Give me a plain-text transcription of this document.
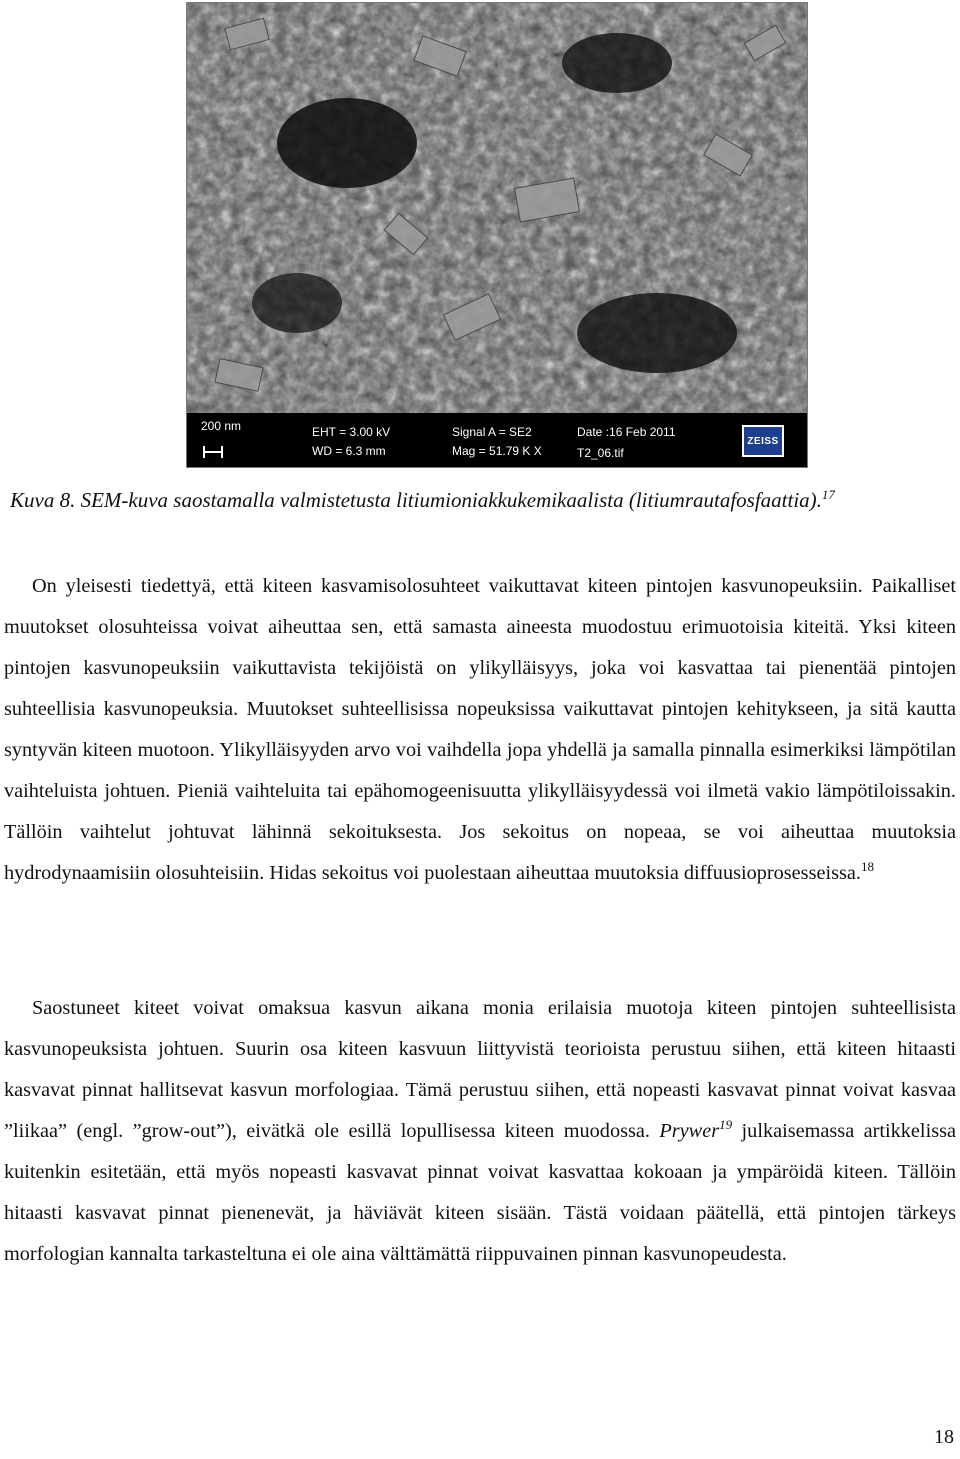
200 nm	EHT = 3.00 kV
WD = 6.3 mm
Signal A = SE2
Mag = 51.79 K X
Date :16 Feb 2011
T2_06.tif
ZEISS
Kuva 8. SEM-kuva saostamalla valmistetusta litiumioniakkukemikaalista (litiumrautafosfaattia).$^{17}$

On yleisesti tiedettyä, että kiteen kasvamisolosuhteet vaikuttavat kiteen pintojen kasvunopeuksiin. Paikalliset muutokset olosuhteissa voivat aiheuttaa sen, että samasta aineesta muodostuu erimuotoisia kiteitä. Yksi kiteen pintojen kasvunopeuksiin vaikuttavista tekijöistä on ylikylläisyys, joka voi kasvattaa tai pienentää pintojen suhteellisia kasvunopeuksia. Muutokset suhteellisissa nopeuksissa vaikuttavat pintojen kehitykseen, ja sitä kautta syntyvän kiteen muotoon. Ylikylläisyyden arvo voi vaihdella jopa yhdellä ja samalla pinnalla esimerkiksi lämpötilan vaihteluista johtuen. Pieniä vaihteluita tai epähomogeenisuutta ylikylläisyydessä voi ilmetä vakio lämpötiloissakin. Tällöin vaihtelut johtuvat lähinnä sekoituksesta. Jos sekoitus on nopeaa, se voi aiheuttaa muutoksia hydrodynaamisiin olosuhteisiin. Hidas sekoitus voi puolestaan aiheuttaa muutoksia diffuusioprosesseissa.$^{18}$

Saostuneet kiteet voivat omaksua kasvun aikana monia erilaisia muotoja kiteen pintojen suhteellisista kasvunopeuksista johtuen. Suurin osa kiteen kasvuun liittyvistä teorioista perustuu siihen, että kiteen hitaasti kasvavat pinnat hallitsevat kasvun morfologiaa. Tämä perustuu siihen, että nopeasti kasvavat pinnat voivat kasvaa ”liikaa” (engl. ”grow-out”), eivätkä ole esillä lopullisessa kiteen muodossa. Prywer$^{19}$ julkaisemassa artikkelissa kuitenkin esitetään, että myös nopeasti kasvavat pinnat voivat kasvattaa kokoaan ja ympäröidä kiteen. Tällöin hitaasti kasvavat pinnat pienenevät, ja häviävät kiteen sisään. Tästä voidaan päätellä, että pintojen tärkeys morfologian kannalta tarkasteltuna ei ole aina välttämättä riippuvainen pinnan kasvunopeudesta.

18
